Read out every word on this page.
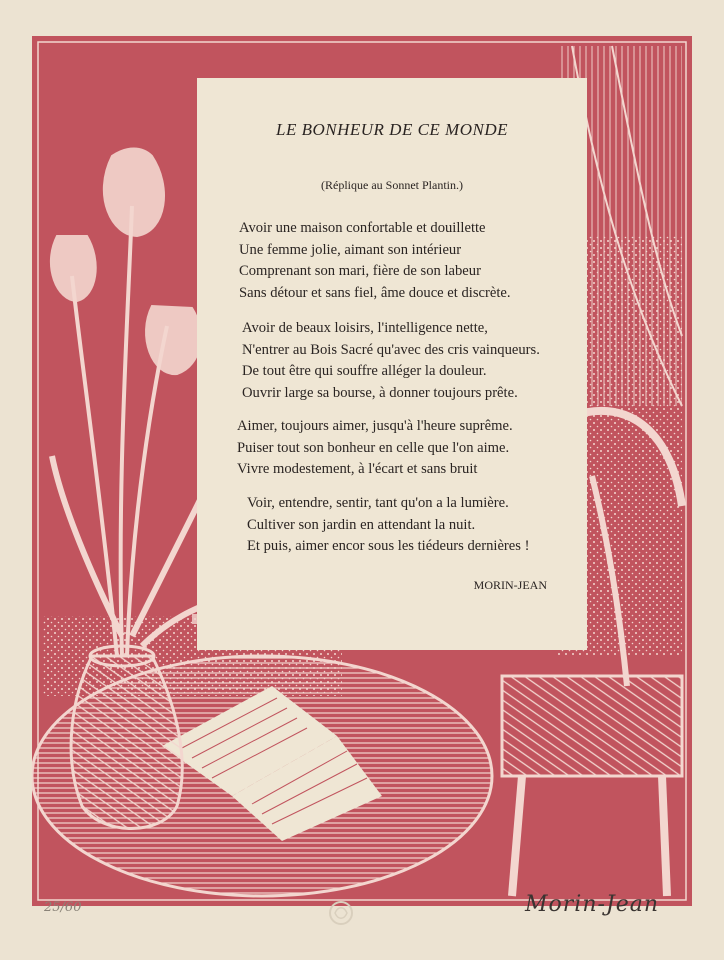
LE BONHEUR DE CE MONDE
(Réplique au Sonnet Plantin.)
Avoir une maison confortable et douillette
Une femme jolie, aimant son intérieur
Comprenant son mari, fière de son labeur
Sans détour et sans fiel, âme douce et discrète.
Avoir de beaux loisirs, l'intelligence nette,
N'entrer au Bois Sacré qu'avec des cris vainqueurs.
De tout être qui souffre alléger la douleur.
Ouvrir large sa bourse, à donner toujours prête.
Aimer, toujours aimer, jusqu'à l'heure suprême.
Puiser tout son bonheur en celle que l'on aime.
Vivre modestement, à l'écart et sans bruit
Voir, entendre, sentir, tant qu'on a la lumière.
Cultiver son jardin en attendant la nuit.
Et puis, aimer encor sous les tiédeurs dernières !
MORIN-JEAN
25/60	Morin-Jean
